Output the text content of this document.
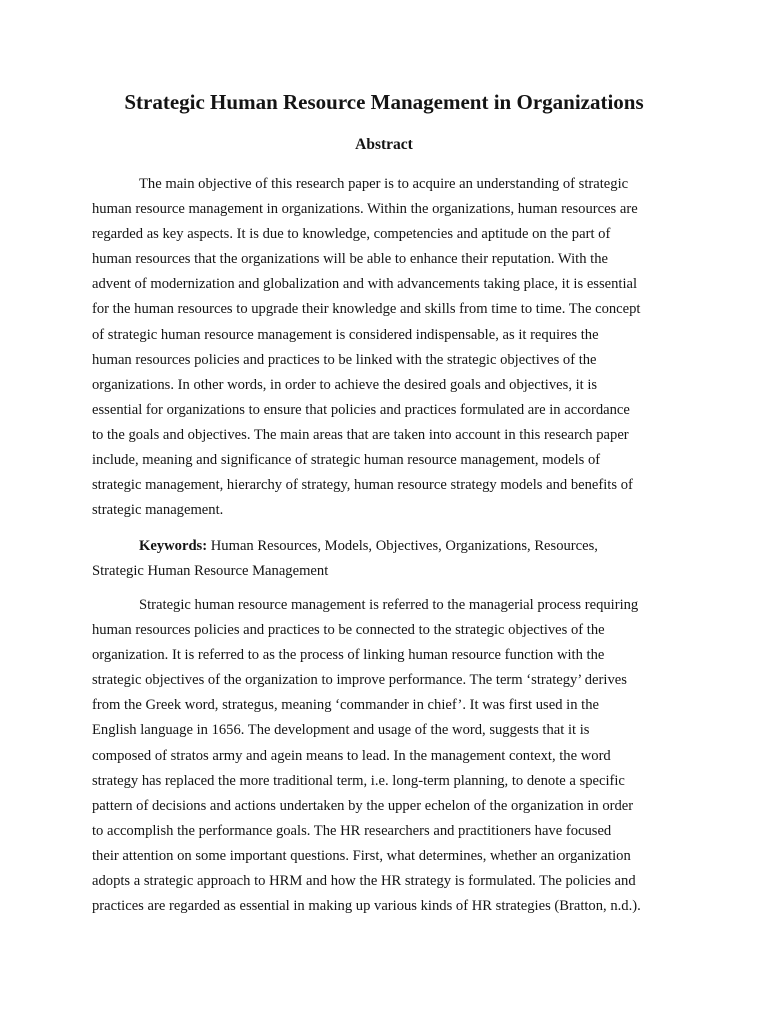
Strategic Human Resource Management in Organizations
Abstract
The main objective of this research paper is to acquire an understanding of strategic
human resource management in organizations. Within the organizations, human resources are
regarded as key aspects. It is due to knowledge, competencies and aptitude on the part of
human resources that the organizations will be able to enhance their reputation. With the
advent of modernization and globalization and with advancements taking place, it is essential
for the human resources to upgrade their knowledge and skills from time to time. The concept
of strategic human resource management is considered indispensable, as it requires the
human resources policies and practices to be linked with the strategic objectives of the
organizations. In other words, in order to achieve the desired goals and objectives, it is
essential for organizations to ensure that policies and practices formulated are in accordance
to the goals and objectives. The main areas that are taken into account in this research paper
include, meaning and significance of strategic human resource management, models of
strategic management, hierarchy of strategy, human resource strategy models and benefits of
strategic management.
Keywords: Human Resources, Models, Objectives, Organizations, Resources,
Strategic Human Resource Management
Strategic human resource management is referred to the managerial process requiring
human resources policies and practices to be connected to the strategic objectives of the
organization. It is referred to as the process of linking human resource function with the
strategic objectives of the organization to improve performance. The term ‘strategy’ derives
from the Greek word, strategus, meaning ‘commander in chief’. It was first used in the
English language in 1656. The development and usage of the word, suggests that it is
composed of stratos army and agein means to lead. In the management context, the word
strategy has replaced the more traditional term, i.e. long-term planning, to denote a specific
pattern of decisions and actions undertaken by the upper echelon of the organization in order
to accomplish the performance goals. The HR researchers and practitioners have focused
their attention on some important questions. First, what determines, whether an organization
adopts a strategic approach to HRM and how the HR strategy is formulated. The policies and
practices are regarded as essential in making up various kinds of HR strategies (Bratton, n.d.).
